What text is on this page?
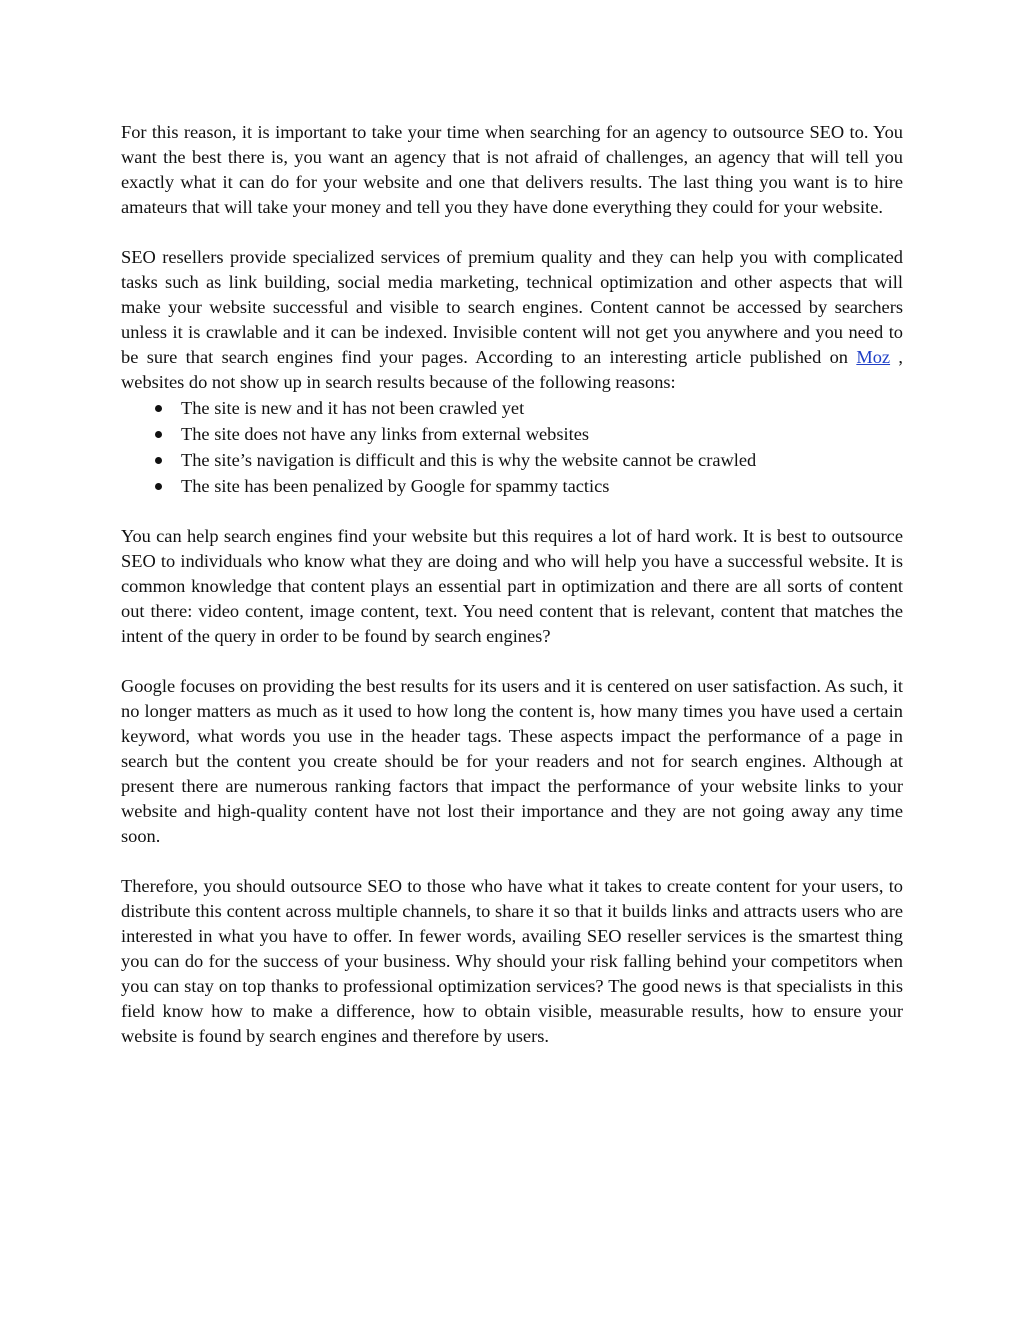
For this reason, it is important to take your time when searching for an agency to outsource SEO to. You want the best there is, you want an agency that is not afraid of challenges, an agency that will tell you exactly what it can do for your website and one that delivers results. The last thing you want is to hire amateurs that will take your money and tell you they have done everything they could for your website.

SEO resellers provide specialized services of premium quality and they can help you with complicated tasks such as link building, social media marketing, technical optimization and other aspects that will make your website successful and visible to search engines. Content cannot be accessed by searchers unless it is crawlable and it can be indexed. Invisible content will not get you anywhere and you need to be sure that search engines find your pages. According to an interesting article published on Moz , websites do not show up in search results because of the following reasons:

The site is new and it has not been crawled yet
The site does not have any links from external websites
The site’s navigation is difficult and this is why the website cannot be crawled
The site has been penalized by Google for spammy tactics

You can help search engines find your website but this requires a lot of hard work. It is best to outsource SEO to individuals who know what they are doing and who will help you have a successful website. It is common knowledge that content plays an essential part in optimization and there are all sorts of content out there: video content, image content, text. You need content that is relevant, content that matches the intent of the query in order to be found by search engines?

Google focuses on providing the best results for its users and it is centered on user satisfaction. As such, it no longer matters as much as it used to how long the content is, how many times you have used a certain keyword, what words you use in the header tags. These aspects impact the performance of a page in search but the content you create should be for your readers and not for search engines. Although at present there are numerous ranking factors that impact the performance of your website links to your website and high-quality content have not lost their importance and they are not going away any time soon.

Therefore, you should outsource SEO to those who have what it takes to create content for your users, to distribute this content across multiple channels, to share it so that it builds links and attracts users who are interested in what you have to offer. In fewer words, availing SEO reseller services is the smartest thing you can do for the success of your business. Why should your risk falling behind your competitors when you can stay on top thanks to professional optimization services? The good news is that specialists in this field know how to make a difference, how to obtain visible, measurable results, how to ensure your website is found by search engines and therefore by users.
